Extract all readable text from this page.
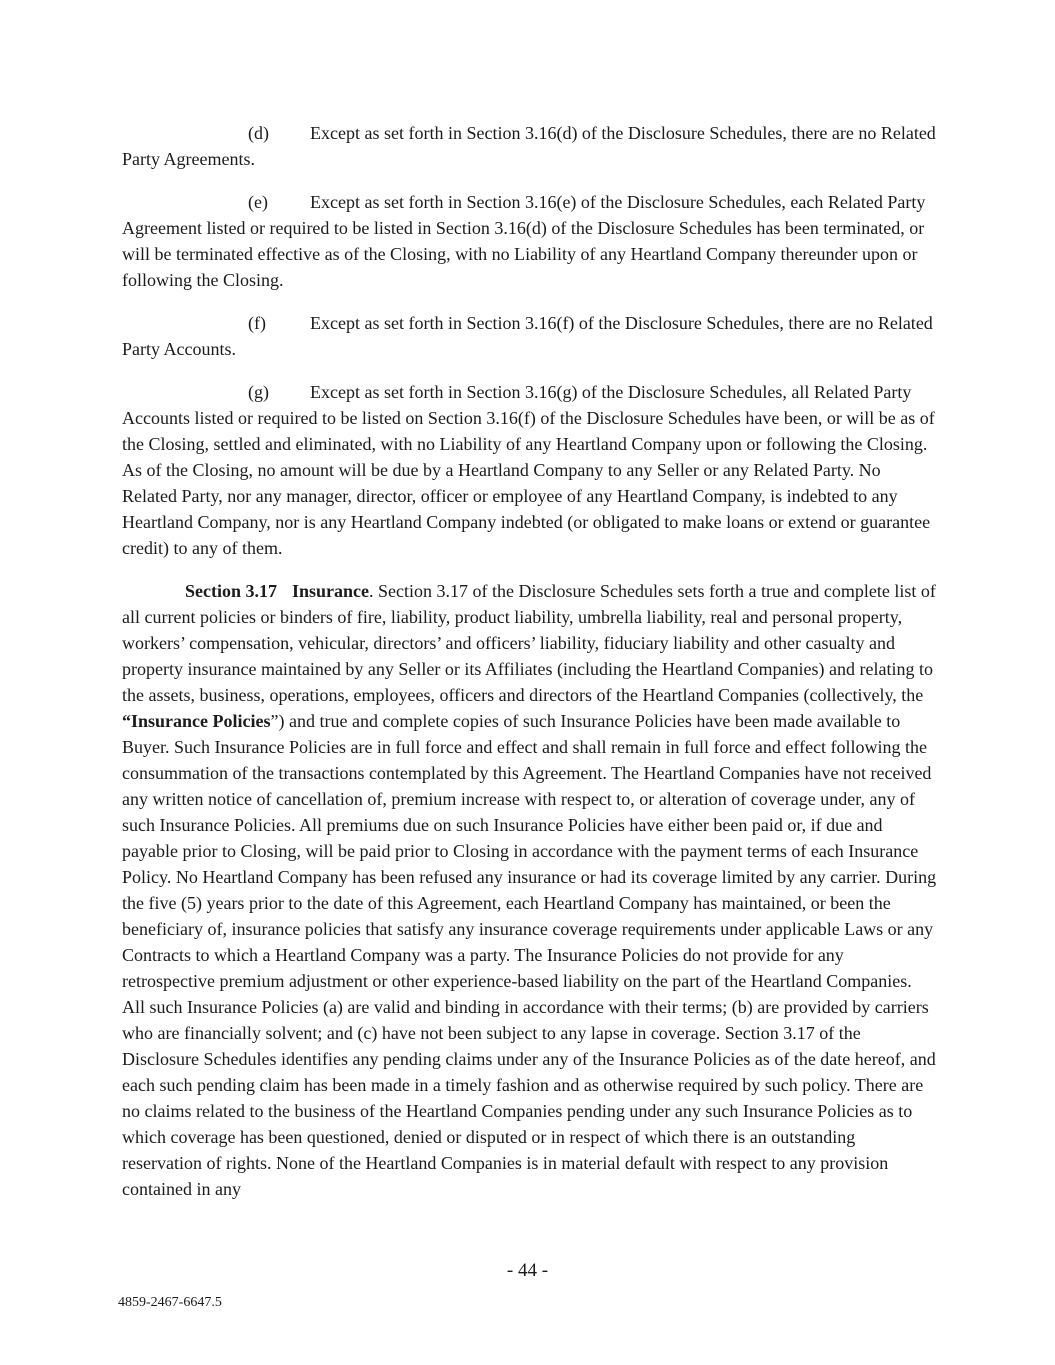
(d) Except as set forth in Section 3.16(d) of the Disclosure Schedules, there are no Related Party Agreements.

(e) Except as set forth in Section 3.16(e) of the Disclosure Schedules, each Related Party Agreement listed or required to be listed in Section 3.16(d) of the Disclosure Schedules has been terminated, or will be terminated effective as of the Closing, with no Liability of any Heartland Company thereunder upon or following the Closing.

(f) Except as set forth in Section 3.16(f) of the Disclosure Schedules, there are no Related Party Accounts.

(g) Except as set forth in Section 3.16(g) of the Disclosure Schedules, all Related Party Accounts listed or required to be listed on Section 3.16(f) of the Disclosure Schedules have been, or will be as of the Closing, settled and eliminated, with no Liability of any Heartland Company upon or following the Closing. As of the Closing, no amount will be due by a Heartland Company to any Seller or any Related Party. No Related Party, nor any manager, director, officer or employee of any Heartland Company, is indebted to any Heartland Company, nor is any Heartland Company indebted (or obligated to make loans or extend or guarantee credit) to any of them.

Section 3.17 Insurance. Section 3.17 of the Disclosure Schedules sets forth a true and complete list of all current policies or binders of fire, liability, product liability, umbrella liability, real and personal property, workers’ compensation, vehicular, directors’ and officers’ liability, fiduciary liability and other casualty and property insurance maintained by any Seller or its Affiliates (including the Heartland Companies) and relating to the assets, business, operations, employees, officers and directors of the Heartland Companies (collectively, the “Insurance Policies”) and true and complete copies of such Insurance Policies have been made available to Buyer. Such Insurance Policies are in full force and effect and shall remain in full force and effect following the consummation of the transactions contemplated by this Agreement. The Heartland Companies have not received any written notice of cancellation of, premium increase with respect to, or alteration of coverage under, any of such Insurance Policies. All premiums due on such Insurance Policies have either been paid or, if due and payable prior to Closing, will be paid prior to Closing in accordance with the payment terms of each Insurance Policy. No Heartland Company has been refused any insurance or had its coverage limited by any carrier. During the five (5) years prior to the date of this Agreement, each Heartland Company has maintained, or been the beneficiary of, insurance policies that satisfy any insurance coverage requirements under applicable Laws or any Contracts to which a Heartland Company was a party. The Insurance Policies do not provide for any retrospective premium adjustment or other experience-based liability on the part of the Heartland Companies. All such Insurance Policies (a) are valid and binding in accordance with their terms; (b) are provided by carriers who are financially solvent; and (c) have not been subject to any lapse in coverage. Section 3.17 of the Disclosure Schedules identifies any pending claims under any of the Insurance Policies as of the date hereof, and each such pending claim has been made in a timely fashion and as otherwise required by such policy. There are no claims related to the business of the Heartland Companies pending under any such Insurance Policies as to which coverage has been questioned, denied or disputed or in respect of which there is an outstanding reservation of rights. None of the Heartland Companies is in material default with respect to any provision contained in any

- 44 -
4859-2467-6647.5
